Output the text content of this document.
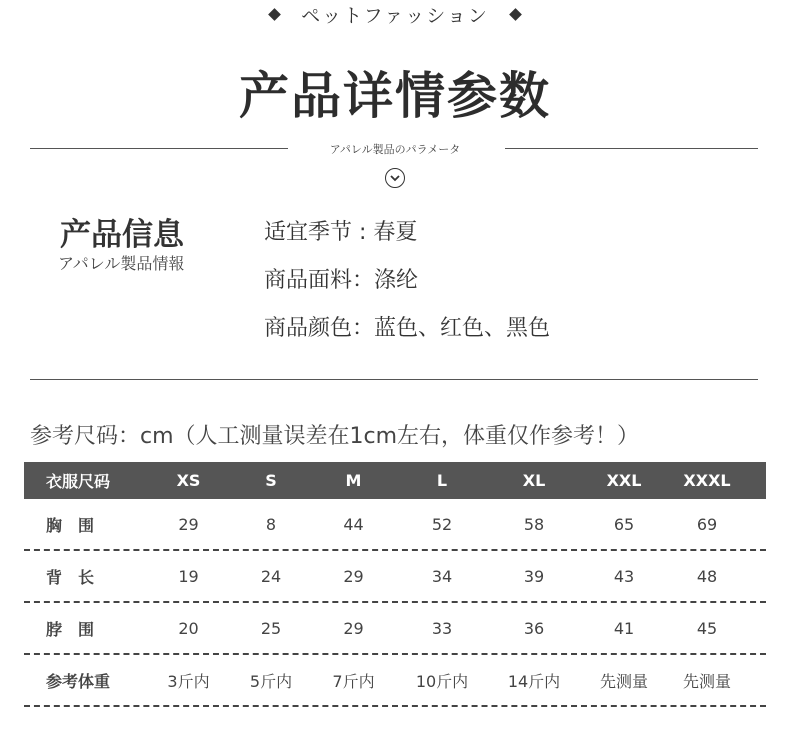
ペットファッション
产品详情参数
アパレル製品のパラメータ
产品信息
アパレル製品情報
适宜季节 : 春夏
商品面料：涤纶
商品颜色：蓝色、红色、黑色
参考尺码：cm（人工测量误差在1cm左右，体重仅作参考！）
衣服尺码	XS	S	M	L	XL	XXL	XXXL
胸　围	29	8	44	52	58	65	69
背　长	19	24	29	34	39	43	48
脖　围	20	25	29	33	36	41	45
参考体重	3斤内	5斤内	7斤内	10斤内	14斤内	先测量	先测量
